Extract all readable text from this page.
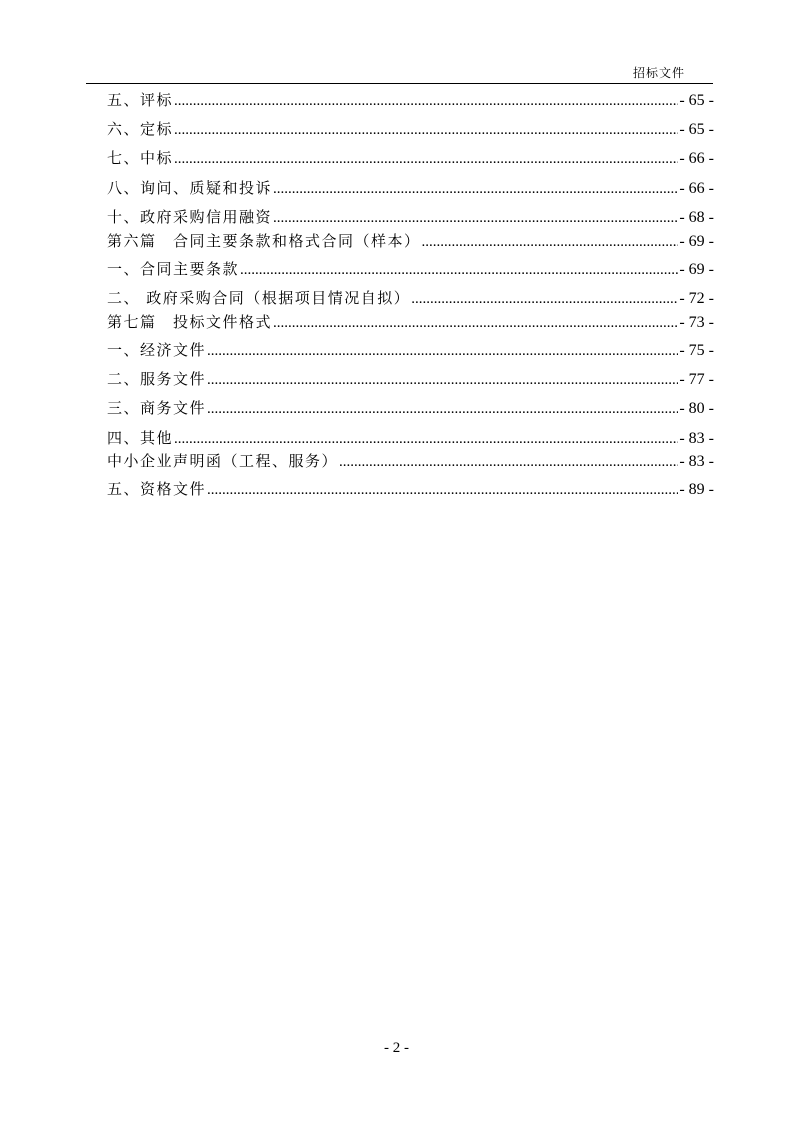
招标文件
五、评标 .....	- 65 -
六、定标 .....	- 65 -
七、中标 .....	- 66 -
八、询问、质疑和投诉 .....	- 66 -
十、政府采购信用融资 .....	- 68 -
第六篇　合同主要条款和格式合同（样本） .....	- 69 -
一、合同主要条款 .....	- 69 -
二、 政府采购合同（根据项目情况自拟） .....	- 72 -
第七篇　投标文件格式 .....	- 73 -
一、经济文件 .....	- 75 -
二、服务文件 .....	- 77 -
三、商务文件 .....	- 80 -
四、其他 .....	- 83 -
中小企业声明函（工程、服务） .....	- 83 -
五、资格文件 .....	- 89 -
- 2 -
